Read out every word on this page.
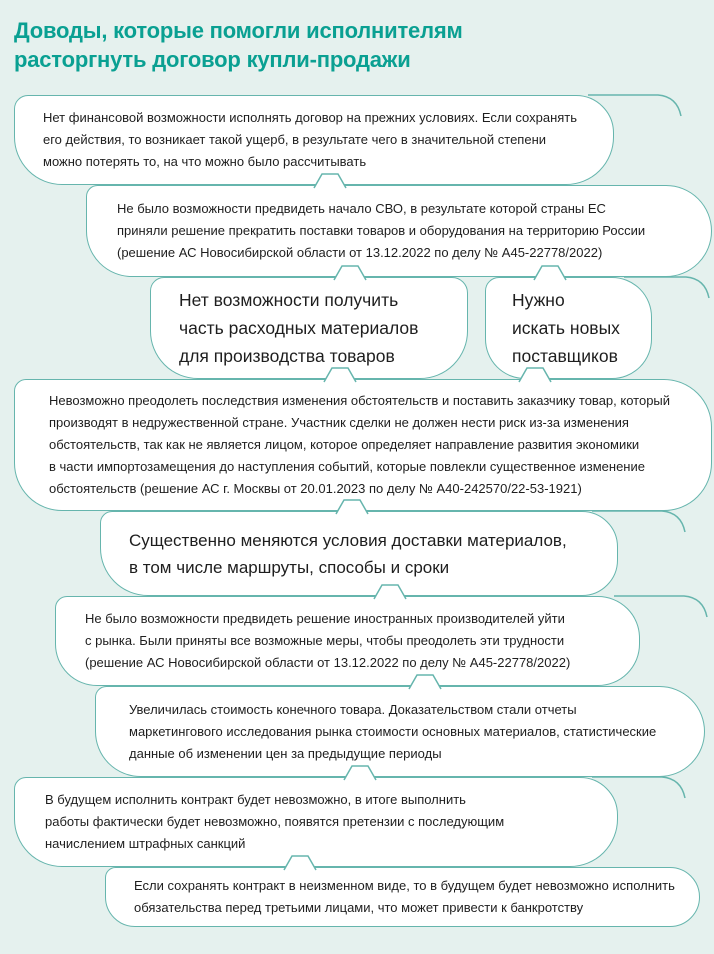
Доводы, которые помогли исполнителям
расторгнуть договор купли-продажи
Нет финансовой возможности исполнять договор на прежних условиях. Если сохранять
его действия, то возникает такой ущерб, в результате чего в значительной степени
можно потерять то, на что можно было рассчитывать
Не было возможности предвидеть начало СВО, в результате которой страны ЕС
приняли решение прекратить поставки товаров и оборудования на территорию России
(решение АС Новосибирской области от 13.12.2022 по делу № А45-22778/2022)
Нет возможности получить
часть расходных материалов
для производства товаров
Нужно
искать новых
поставщиков
Невозможно преодолеть последствия изменения обстоятельств и поставить заказчику товар, который
производят в недружественной стране. Участник сделки не должен нести риск из-за изменения
обстоятельств, так как не является лицом, которое определяет направление развития экономики
в части импортозамещения до наступления событий, которые повлекли существенное изменение
обстоятельств (решение АС г. Москвы от 20.01.2023 по делу № А40-242570/22-53-1921)
Существенно меняются условия доставки материалов,
в том числе маршруты, способы и сроки
Не было возможности предвидеть решение иностранных производителей уйти
с рынка. Были приняты все возможные меры, чтобы преодолеть эти трудности
(решение АС Новосибирской области от 13.12.2022 по делу № А45-22778/2022)
Увеличилась стоимость конечного товара. Доказательством стали отчеты
маркетингового исследования рынка стоимости основных материалов, статистические
данные об изменении цен за предыдущие периоды
В будущем исполнить контракт будет невозможно, в итоге выполнить
работы фактически будет невозможно, появятся претензии с последующим
начислением штрафных санкций
Если сохранять контракт в неизменном виде, то в будущем будет невозможно исполнить
обязательства перед третьими лицами, что может привести к банкротству
